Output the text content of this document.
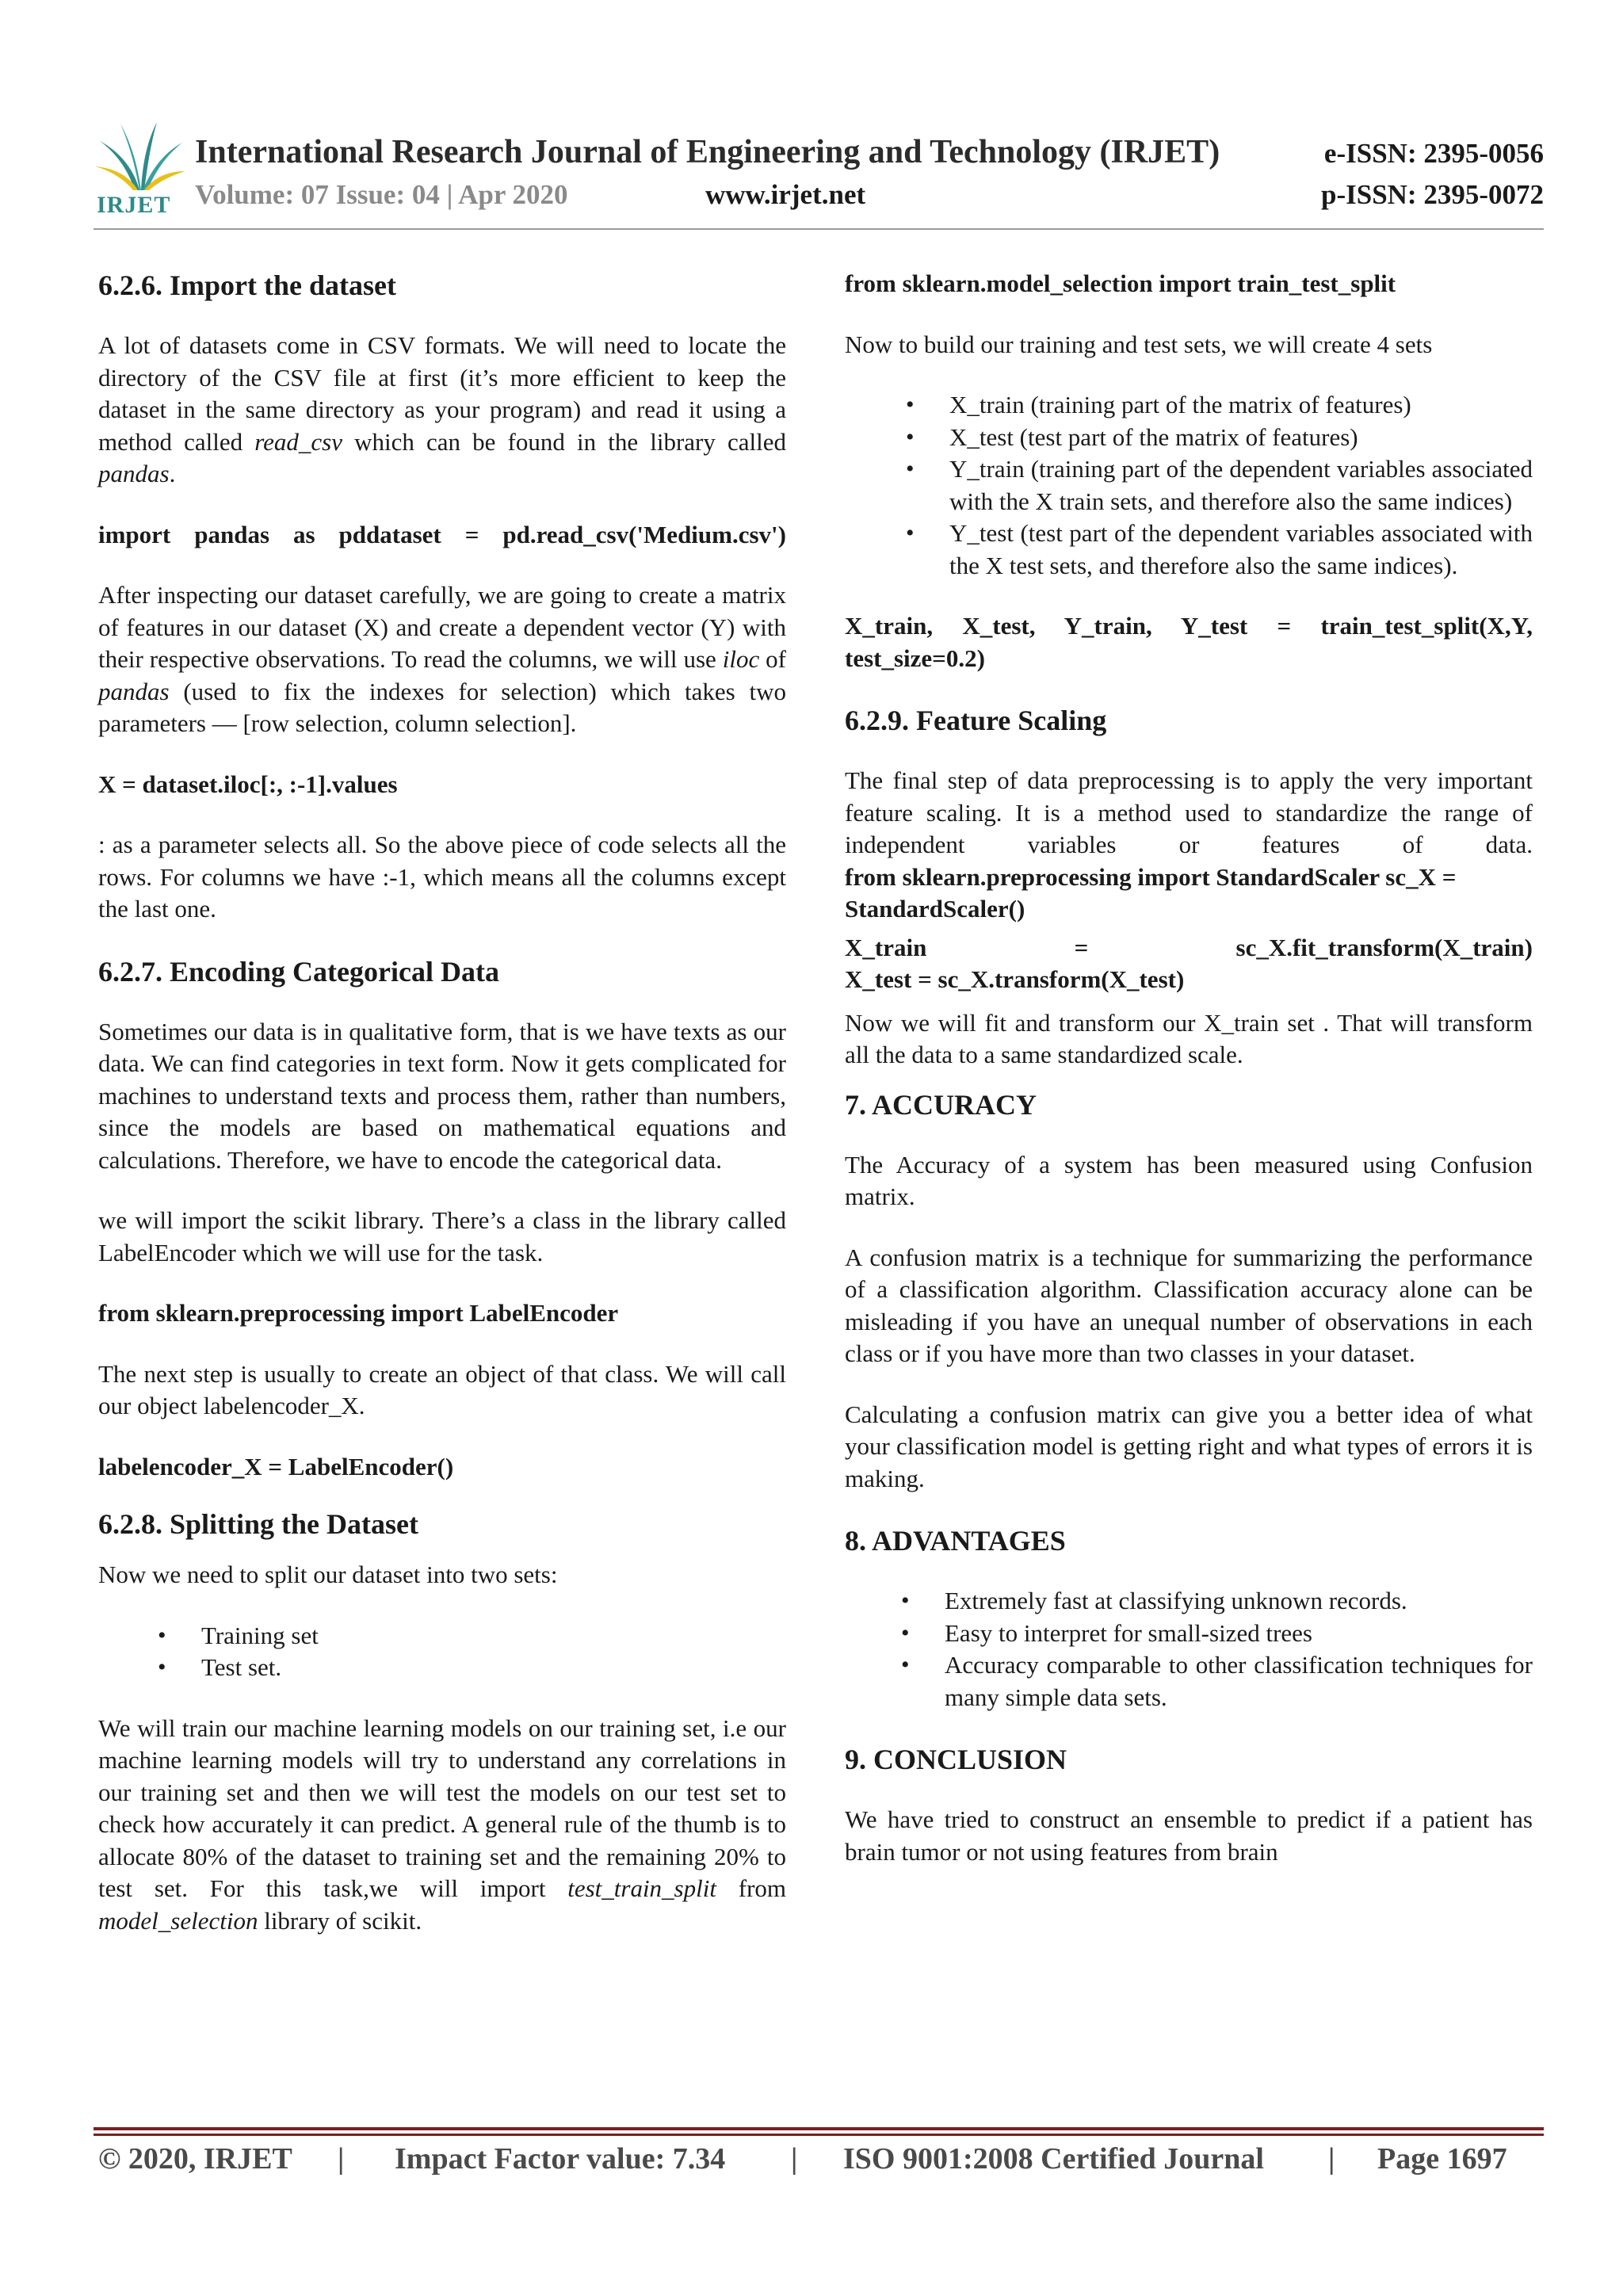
IRJET
International Research Journal of Engineering and Technology (IRJET)	e-ISSN: 2395-0056
Volume: 07 Issue: 04 | Apr 2020	www.irjet.net	p-ISSN: 2395-0072
6.2.6. Import the dataset

A lot of datasets come in CSV formats. We will need to locate the directory of the CSV file at first (it’s more efficient to keep the dataset in the same directory as your program) and read it using a method called read_csv which can be found in the library called pandas.

import pandas as pddataset = pd.read_csv('Medium.csv')

After inspecting our dataset carefully, we are going to create a matrix of features in our dataset (X) and create a dependent vector (Y) with their respective observations. To read the columns, we will use iloc of pandas (used to fix the indexes for selection) which takes two parameters — [row selection, column selection].

X = dataset.iloc[:, :-1].values

: as a parameter selects all. So the above piece of code selects all the rows. For columns we have :-1, which means all the columns except the last one.

6.2.7. Encoding Categorical Data

Sometimes our data is in qualitative form, that is we have texts as our data. We can find categories in text form. Now it gets complicated for machines to understand texts and process them, rather than numbers, since the models are based on mathematical equations and calculations. Therefore, we have to encode the categorical data.

we will import the scikit library. There’s a class in the library called LabelEncoder which we will use for the task.

from sklearn.preprocessing import LabelEncoder

The next step is usually to create an object of that class. We will call our object labelencoder_X.

labelencoder_X = LabelEncoder()

6.2.8. Splitting the Dataset

Now we need to split our dataset into two sets:

• Training set
• Test set.

We will train our machine learning models on our training set, i.e our machine learning models will try to understand any correlations in our training set and then we will test the models on our test set to check how accurately it can predict. A general rule of the thumb is to allocate 80% of the dataset to training set and the remaining 20% to test set. For this task,we will import test_train_split from model_selection library of scikit.

from sklearn.model_selection import train_test_split

Now to build our training and test sets, we will create 4 sets

• X_train (training part of the matrix of features)
• X_test (test part of the matrix of features)
• Y_train (training part of the dependent variables associated with the X train sets, and therefore also the same indices)
• Y_test (test part of the dependent variables associated with the X test sets, and therefore also the same indices).

X_train, X_test, Y_train, Y_test = train_test_split(X,Y, test_size=0.2)

6.2.9. Feature Scaling

The final step of data preprocessing is to apply the very important feature scaling. It is a method used to standardize the range of independent variables or features of data.

from sklearn.preprocessing import StandardScaler sc_X = StandardScaler()

X_train = sc_X.fit_transform(X_train)

X_test = sc_X.transform(X_test)

Now we will fit and transform our X_train set . That will transform all the data to a same standardized scale.

7. ACCURACY

The Accuracy of a system has been measured using Confusion matrix.

A confusion matrix is a technique for summarizing the performance of a classification algorithm. Classification accuracy alone can be misleading if you have an unequal number of observations in each class or if you have more than two classes in your dataset.

Calculating a confusion matrix can give you a better idea of what your classification model is getting right and what types of errors it is making.

8. ADVANTAGES
• Extremely fast at classifying unknown records.
• Easy to interpret for small-sized trees
• Accuracy comparable to other classification techniques for many simple data sets.
9. CONCLUSION

We have tried to construct an ensemble to predict if a patient has brain tumor or not using features from brain

© 2020, IRJET | Impact Factor value: 7.34 | ISO 9001:2008 Certified Journal | Page 1697
